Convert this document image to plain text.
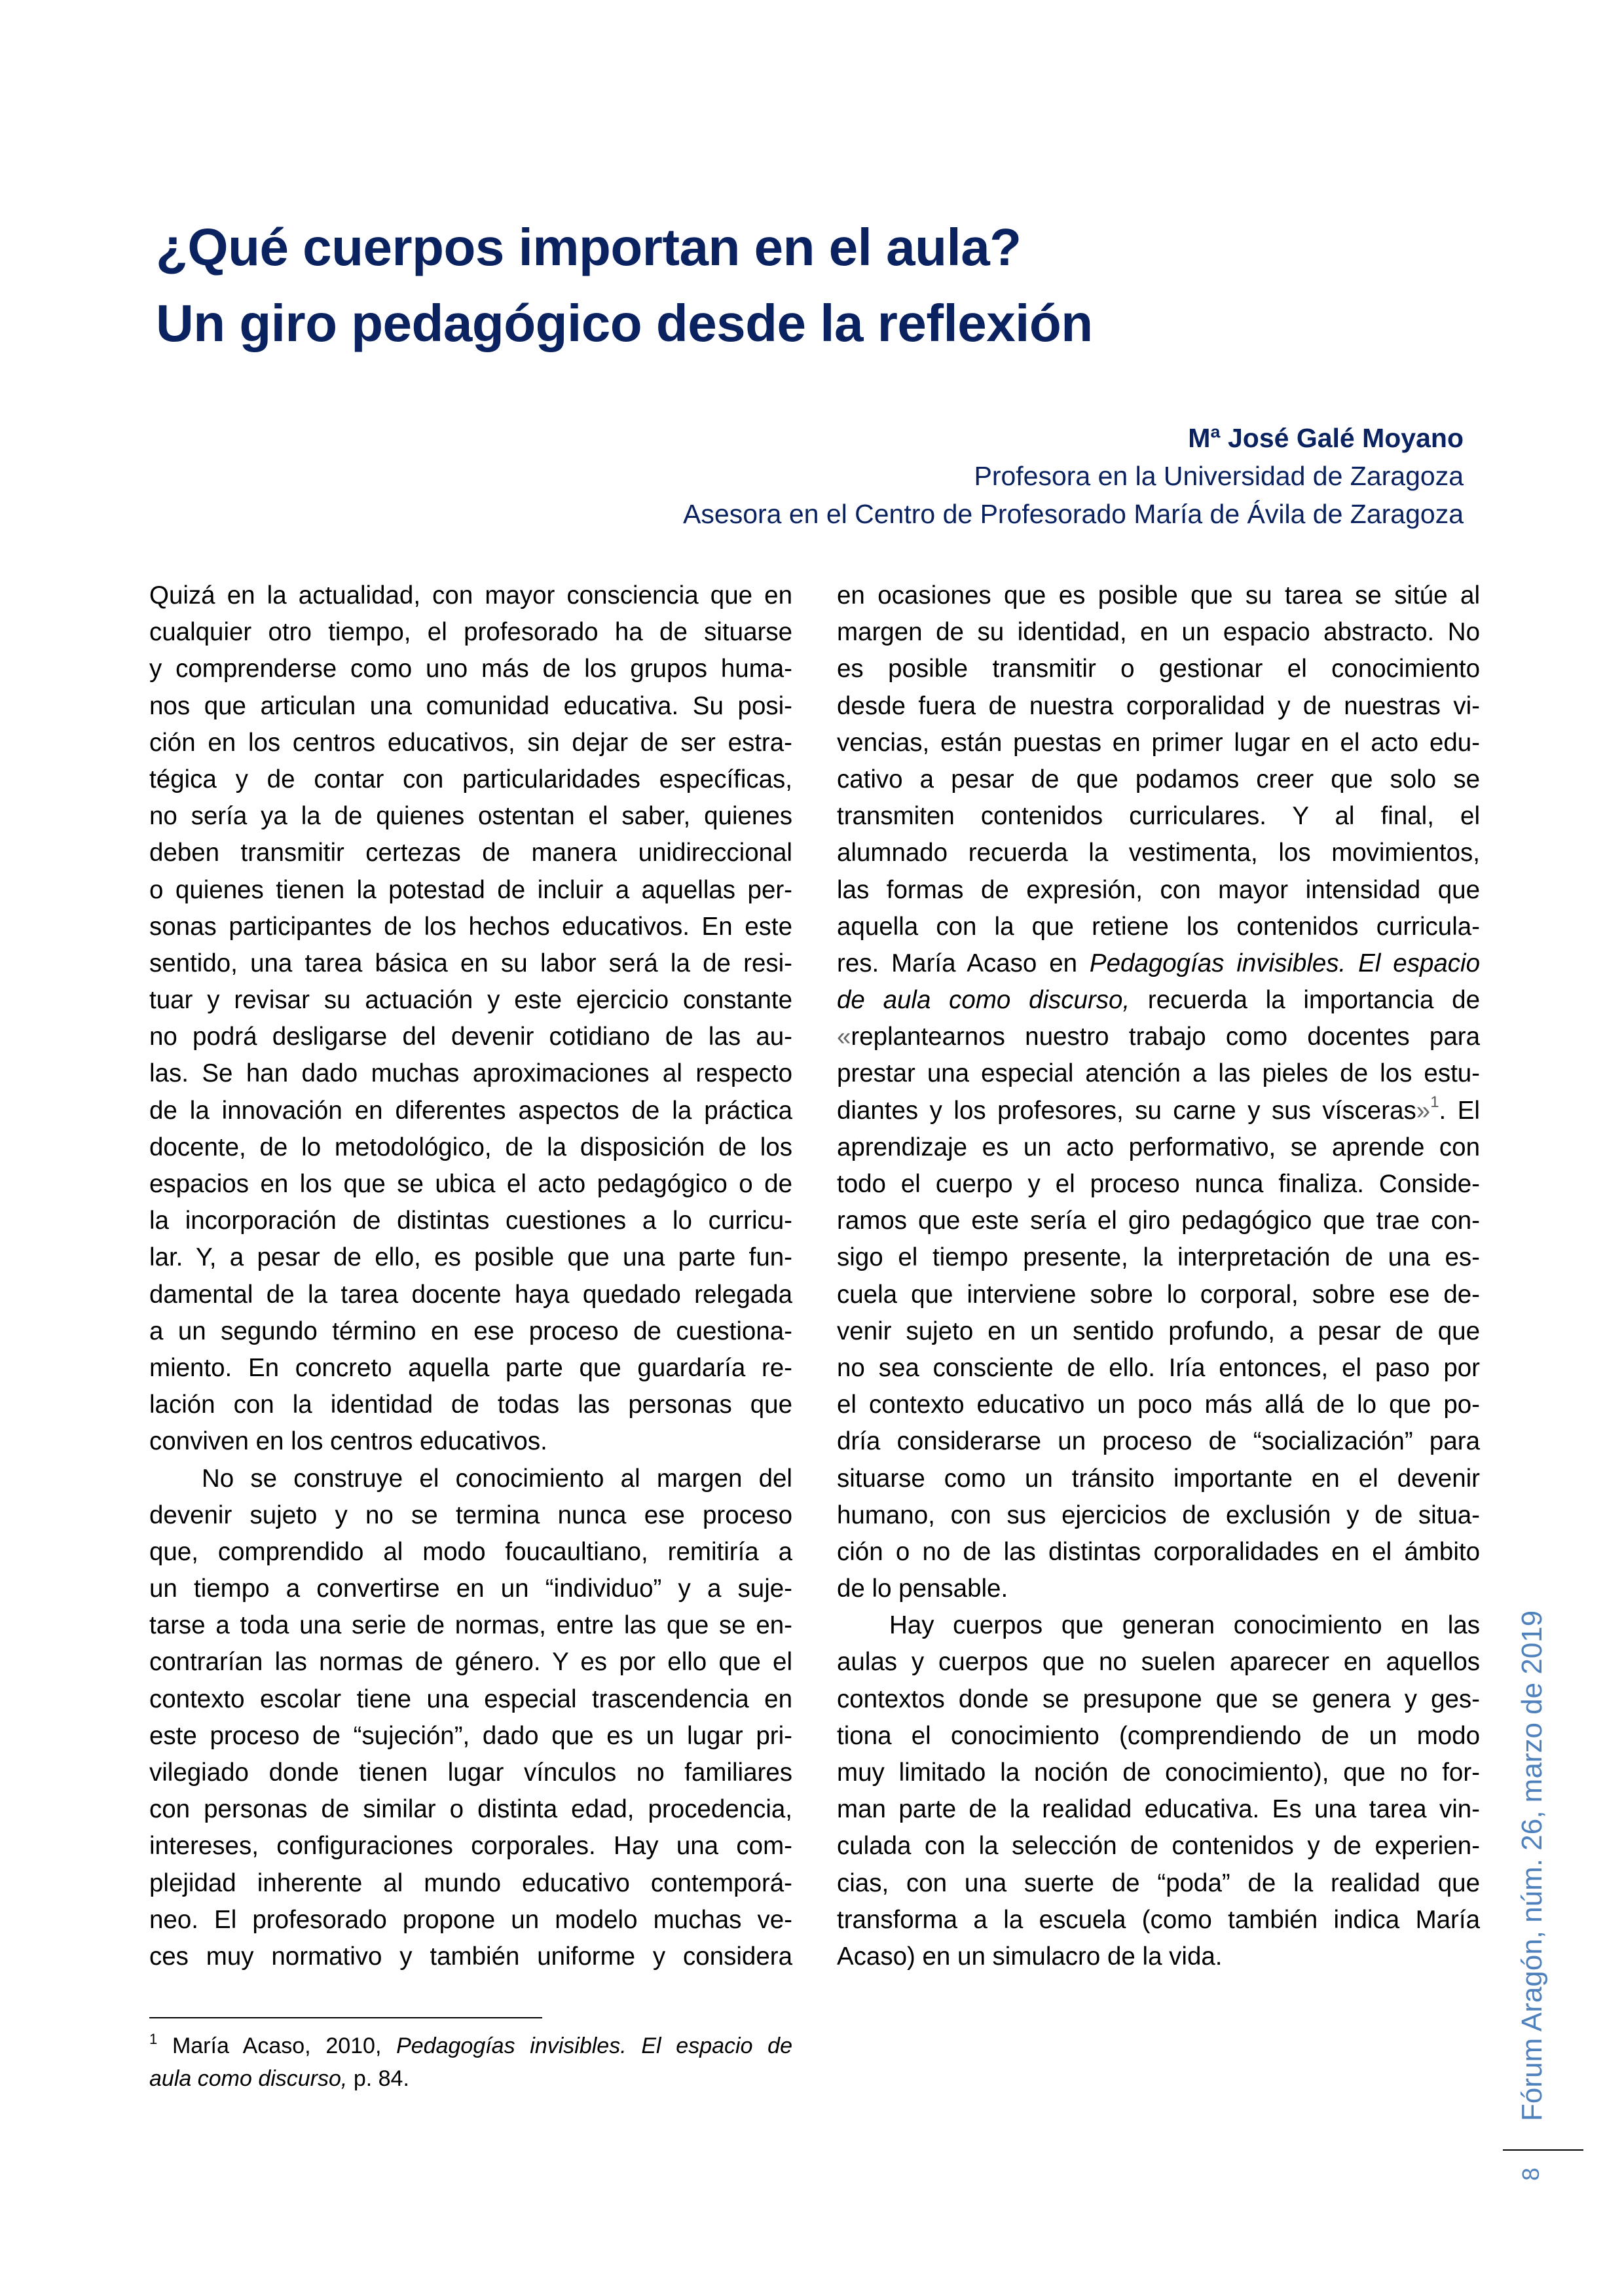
¿Qué cuerpos importan en el aula?
Un giro pedagógico desde la reflexión
Mª José Galé Moyano
Profesora en la Universidad de Zaragoza
Asesora en el Centro de Profesorado María de Ávila de Zaragoza
Quizá en la actualidad, con mayor consciencia que en
cualquier otro tiempo, el profesorado ha de situarse
y comprenderse como uno más de los grupos huma-
nos que articulan una comunidad educativa. Su posi-
ción en los centros educativos, sin dejar de ser estra-
tégica y de contar con particularidades específicas,
no sería ya la de quienes ostentan el saber, quienes
deben transmitir certezas de manera unidireccional
o quienes tienen la potestad de incluir a aquellas per-
sonas participantes de los hechos educativos. En este
sentido, una tarea básica en su labor será la de resi-
tuar y revisar su actuación y este ejercicio constante
no podrá desligarse del devenir cotidiano de las au-
las. Se han dado muchas aproximaciones al respecto
de la innovación en diferentes aspectos de la práctica
docente, de lo metodológico, de la disposición de los
espacios en los que se ubica el acto pedagógico o de
la incorporación de distintas cuestiones a lo curricu-
lar. Y, a pesar de ello, es posible que una parte fun-
damental de la tarea docente haya quedado relegada
a un segundo término en ese proceso de cuestiona-
miento. En concreto aquella parte que guardaría re-
lación con la identidad de todas las personas que
conviven en los centros educativos.
No se construye el conocimiento al margen del
devenir sujeto y no se termina nunca ese proceso
que, comprendido al modo foucaultiano, remitiría a
un tiempo a convertirse en un “individuo” y a suje-
tarse a toda una serie de normas, entre las que se en-
contrarían las normas de género. Y es por ello que el
contexto escolar tiene una especial trascendencia en
este proceso de “sujeción”, dado que es un lugar pri-
vilegiado donde tienen lugar vínculos no familiares
con personas de similar o distinta edad, procedencia,
intereses, configuraciones corporales. Hay una com-
plejidad inherente al mundo educativo contemporá-
neo. El profesorado propone un modelo muchas ve-
ces muy normativo y también uniforme y considera
en ocasiones que es posible que su tarea se sitúe al
margen de su identidad, en un espacio abstracto. No
es posible transmitir o gestionar el conocimiento
desde fuera de nuestra corporalidad y de nuestras vi-
vencias, están puestas en primer lugar en el acto edu-
cativo a pesar de que podamos creer que solo se
transmiten contenidos curriculares. Y al final, el
alumnado recuerda la vestimenta, los movimientos,
las formas de expresión, con mayor intensidad que
aquella con la que retiene los contenidos curricula-
res. María Acaso en Pedagogías invisibles. El espacio
de aula como discurso, recuerda la importancia de
«replantearnos nuestro trabajo como docentes para
prestar una especial atención a las pieles de los estu-
diantes y los profesores, su carne y sus vísceras»$^1$. El
aprendizaje es un acto performativo, se aprende con
todo el cuerpo y el proceso nunca finaliza. Conside-
ramos que este sería el giro pedagógico que trae con-
sigo el tiempo presente, la interpretación de una es-
cuela que interviene sobre lo corporal, sobre ese de-
venir sujeto en un sentido profundo, a pesar de que
no sea consciente de ello. Iría entonces, el paso por
el contexto educativo un poco más allá de lo que po-
dría considerarse un proceso de “socialización” para
situarse como un tránsito importante en el devenir
humano, con sus ejercicios de exclusión y de situa-
ción o no de las distintas corporalidades en el ámbito
de lo pensable.
Hay cuerpos que generan conocimiento en las
aulas y cuerpos que no suelen aparecer en aquellos
contextos donde se presupone que se genera y ges-
tiona el conocimiento (comprendiendo de un modo
muy limitado la noción de conocimiento), que no for-
man parte de la realidad educativa. Es una tarea vin-
culada con la selección de contenidos y de experien-
cias, con una suerte de “poda” de la realidad que
transforma a la escuela (como también indica María
Acaso) en un simulacro de la vida.
$^1$ María Acaso, 2010, Pedagogías invisibles. El espacio de
aula como discurso, p. 84.	Fórum Aragón, núm. 26, marzo de 2019
8
